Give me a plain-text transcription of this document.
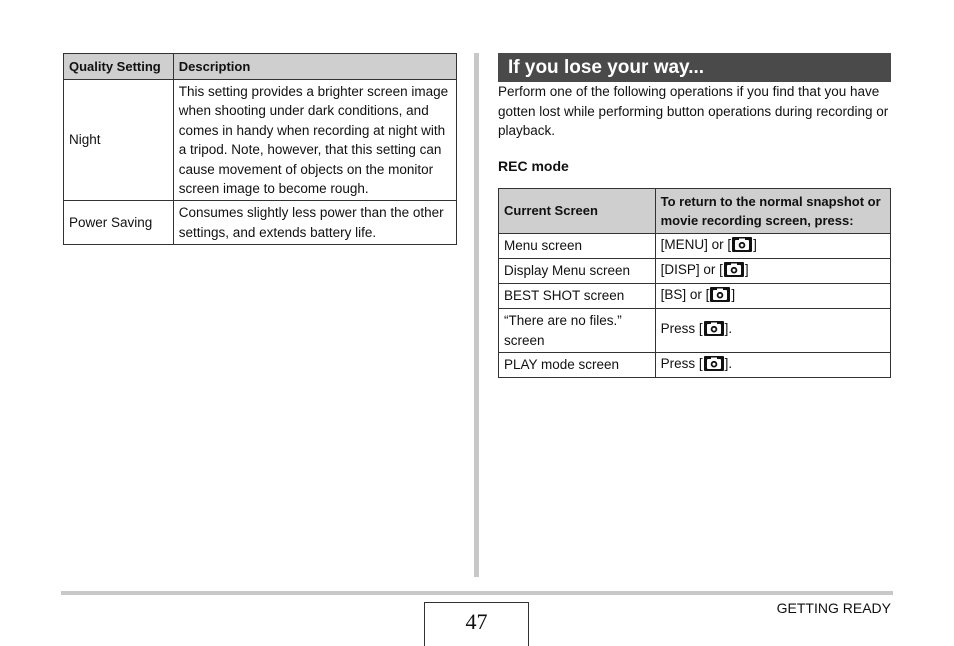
Quality Setting	Description
Night	This setting provides a brighter screen image when shooting under dark conditions, and comes in handy when recording at night with a tripod. Note, however, that this setting can cause movement of objects on the monitor screen image to become rough.
Power Saving	Consumes slightly less power than the other settings, and extends battery life.
If you lose your way...

Perform one of the following operations if you find that you have gotten lost while performing button operations during recording or playback.

REC mode
Current Screen	To return to the normal snapshot or movie recording screen, press:
Menu screen	[MENU] or [ ]
Display Menu screen	[DISP] or [ ]
BEST SHOT screen	[BS] or [ ]
“There are no files.” screen	Press [ ].
PLAY mode screen	Press [ ].
47
GETTING READY
